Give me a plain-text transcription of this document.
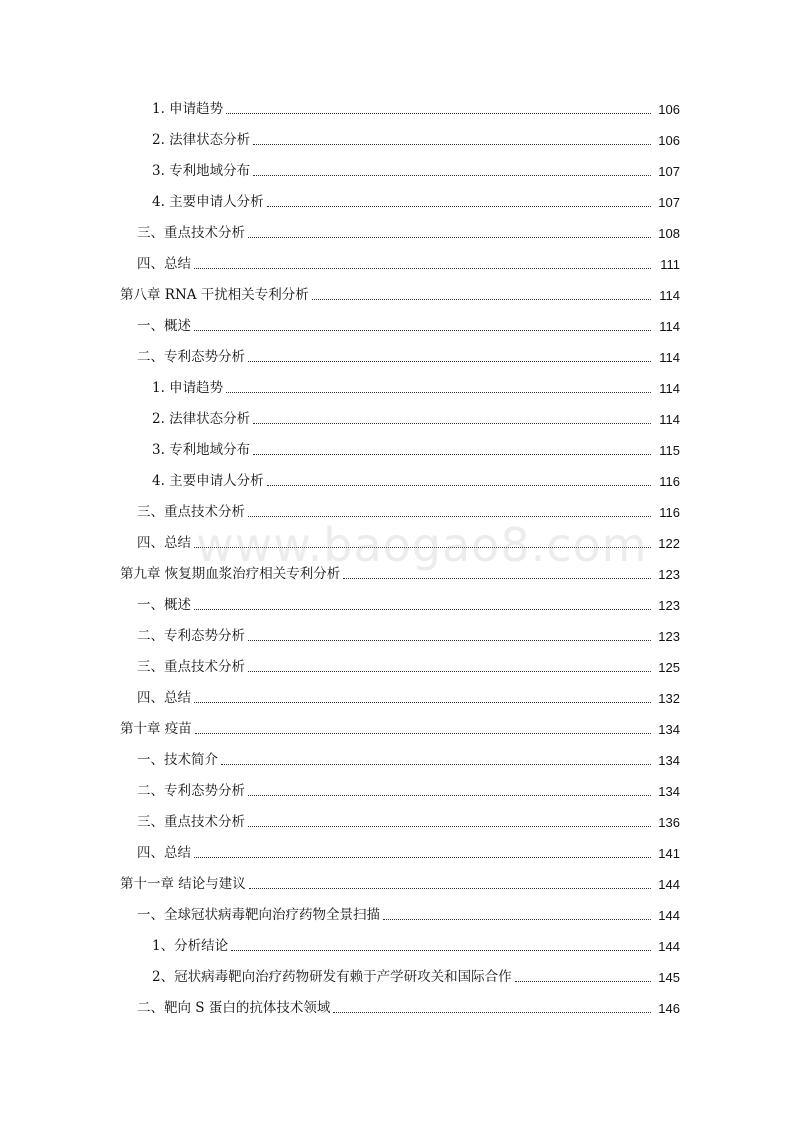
1. 申请趋势	106
2. 法律状态分析	106
3. 专利地域分布	107
4. 主要申请人分析	107
三、重点技术分析	108
四、总结	111
第八章 RNA 干扰相关专利分析	114
一、概述	114
二、专利态势分析	114
1. 申请趋势	114
2. 法律状态分析	114
3. 专利地域分布	115
4. 主要申请人分析	116
三、重点技术分析	116
四、总结	122
第九章 恢复期血浆治疗相关专利分析	123
一、概述	123
二、专利态势分析	123
三、重点技术分析	125
四、总结	132
第十章 疫苗	134
一、技术简介	134
二、专利态势分析	134
三、重点技术分析	136
四、总结	141
第十一章 结论与建议	144
一、全球冠状病毒靶向治疗药物全景扫描	144
1、分析结论	144
2、冠状病毒靶向治疗药物研发有赖于产学研攻关和国际合作	145
二、靶向 S 蛋白的抗体技术领域	146
www.baogao8.com
